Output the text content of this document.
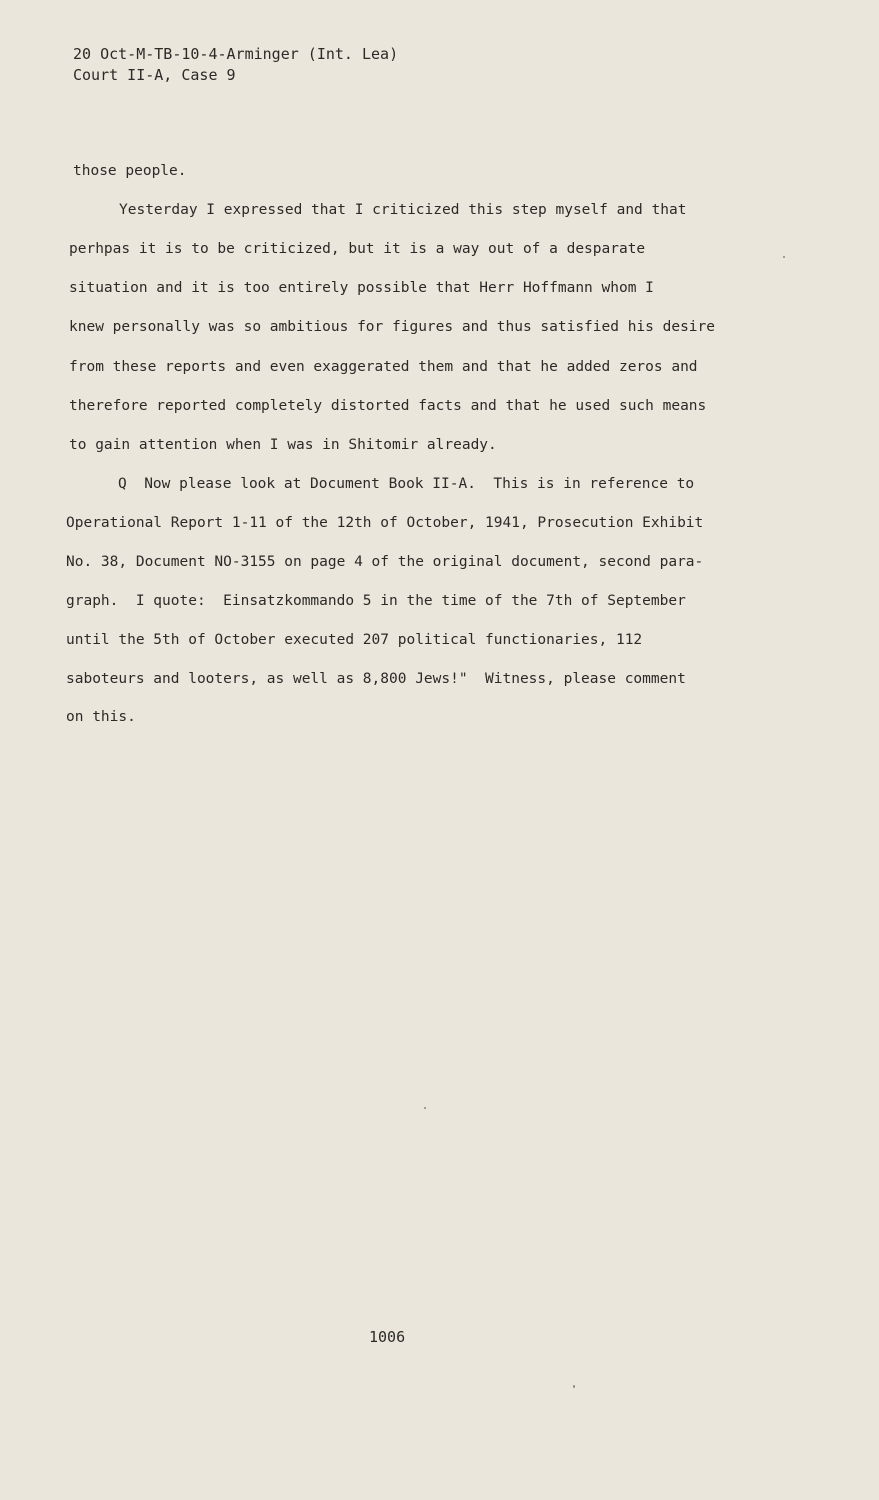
20 Oct-M-TB-10-4-Arminger (Int. Lea)
Court II-A, Case 9
those people.
Yesterday I expressed that I criticized this step myself and that
perhpas it is to be criticized, but it is a way out of a desparate
situation and it is too entirely possible that Herr Hoffmann whom I
knew personally was so ambitious for figures and thus satisfied his desire
from these reports and even exaggerated them and that he added zeros and
therefore reported completely distorted facts and that he used such means
to gain attention when I was in Shitomir already.
Q  Now please look at Document Book II-A.  This is in reference to
Operational Report 1-11 of the 12th of October, 1941, Prosecution Exhibit
No. 38, Document NO-3155 on page 4 of the original document, second para-
graph.  I quote:  Einsatzkommando 5 in the time of the 7th of September
until the 5th of October executed 207 political functionaries, 112
saboteurs and looters, as well as 8,800 Jews!"  Witness, please comment
on this.
1006
